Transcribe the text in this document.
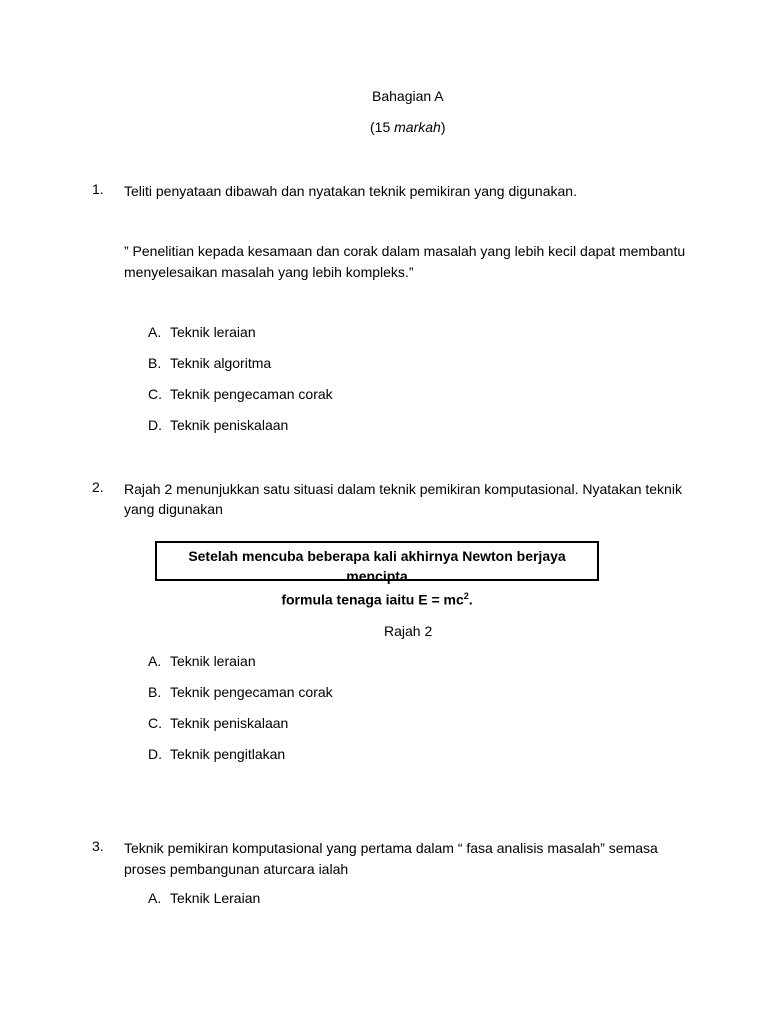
Bahagian A
(15 markah)
1. Teliti penyataan dibawah dan nyatakan teknik pemikiran yang digunakan.
” Penelitian kepada kesamaan dan corak dalam masalah yang lebih kecil dapat membantu
menyelesaikan masalah yang lebih kompleks.”
A. Teknik leraian
B. Teknik algoritma
C. Teknik pengecaman corak
D. Teknik peniskalaan
2. Rajah 2 menunjukkan satu situasi dalam teknik pemikiran komputasional. Nyatakan teknik
yang digunakan
Setelah mencuba beberapa kali akhirnya Newton berjaya mencipta
formula tenaga iaitu $E = mc^2$.
Rajah 2
A. Teknik leraian
B. Teknik pengecaman corak
C. Teknik peniskalaan
D. Teknik pengitlakan
3. Teknik pemikiran komputasional yang pertama dalam “ fasa analisis masalah” semasa
proses pembangunan aturcara ialah
A. Teknik Leraian
